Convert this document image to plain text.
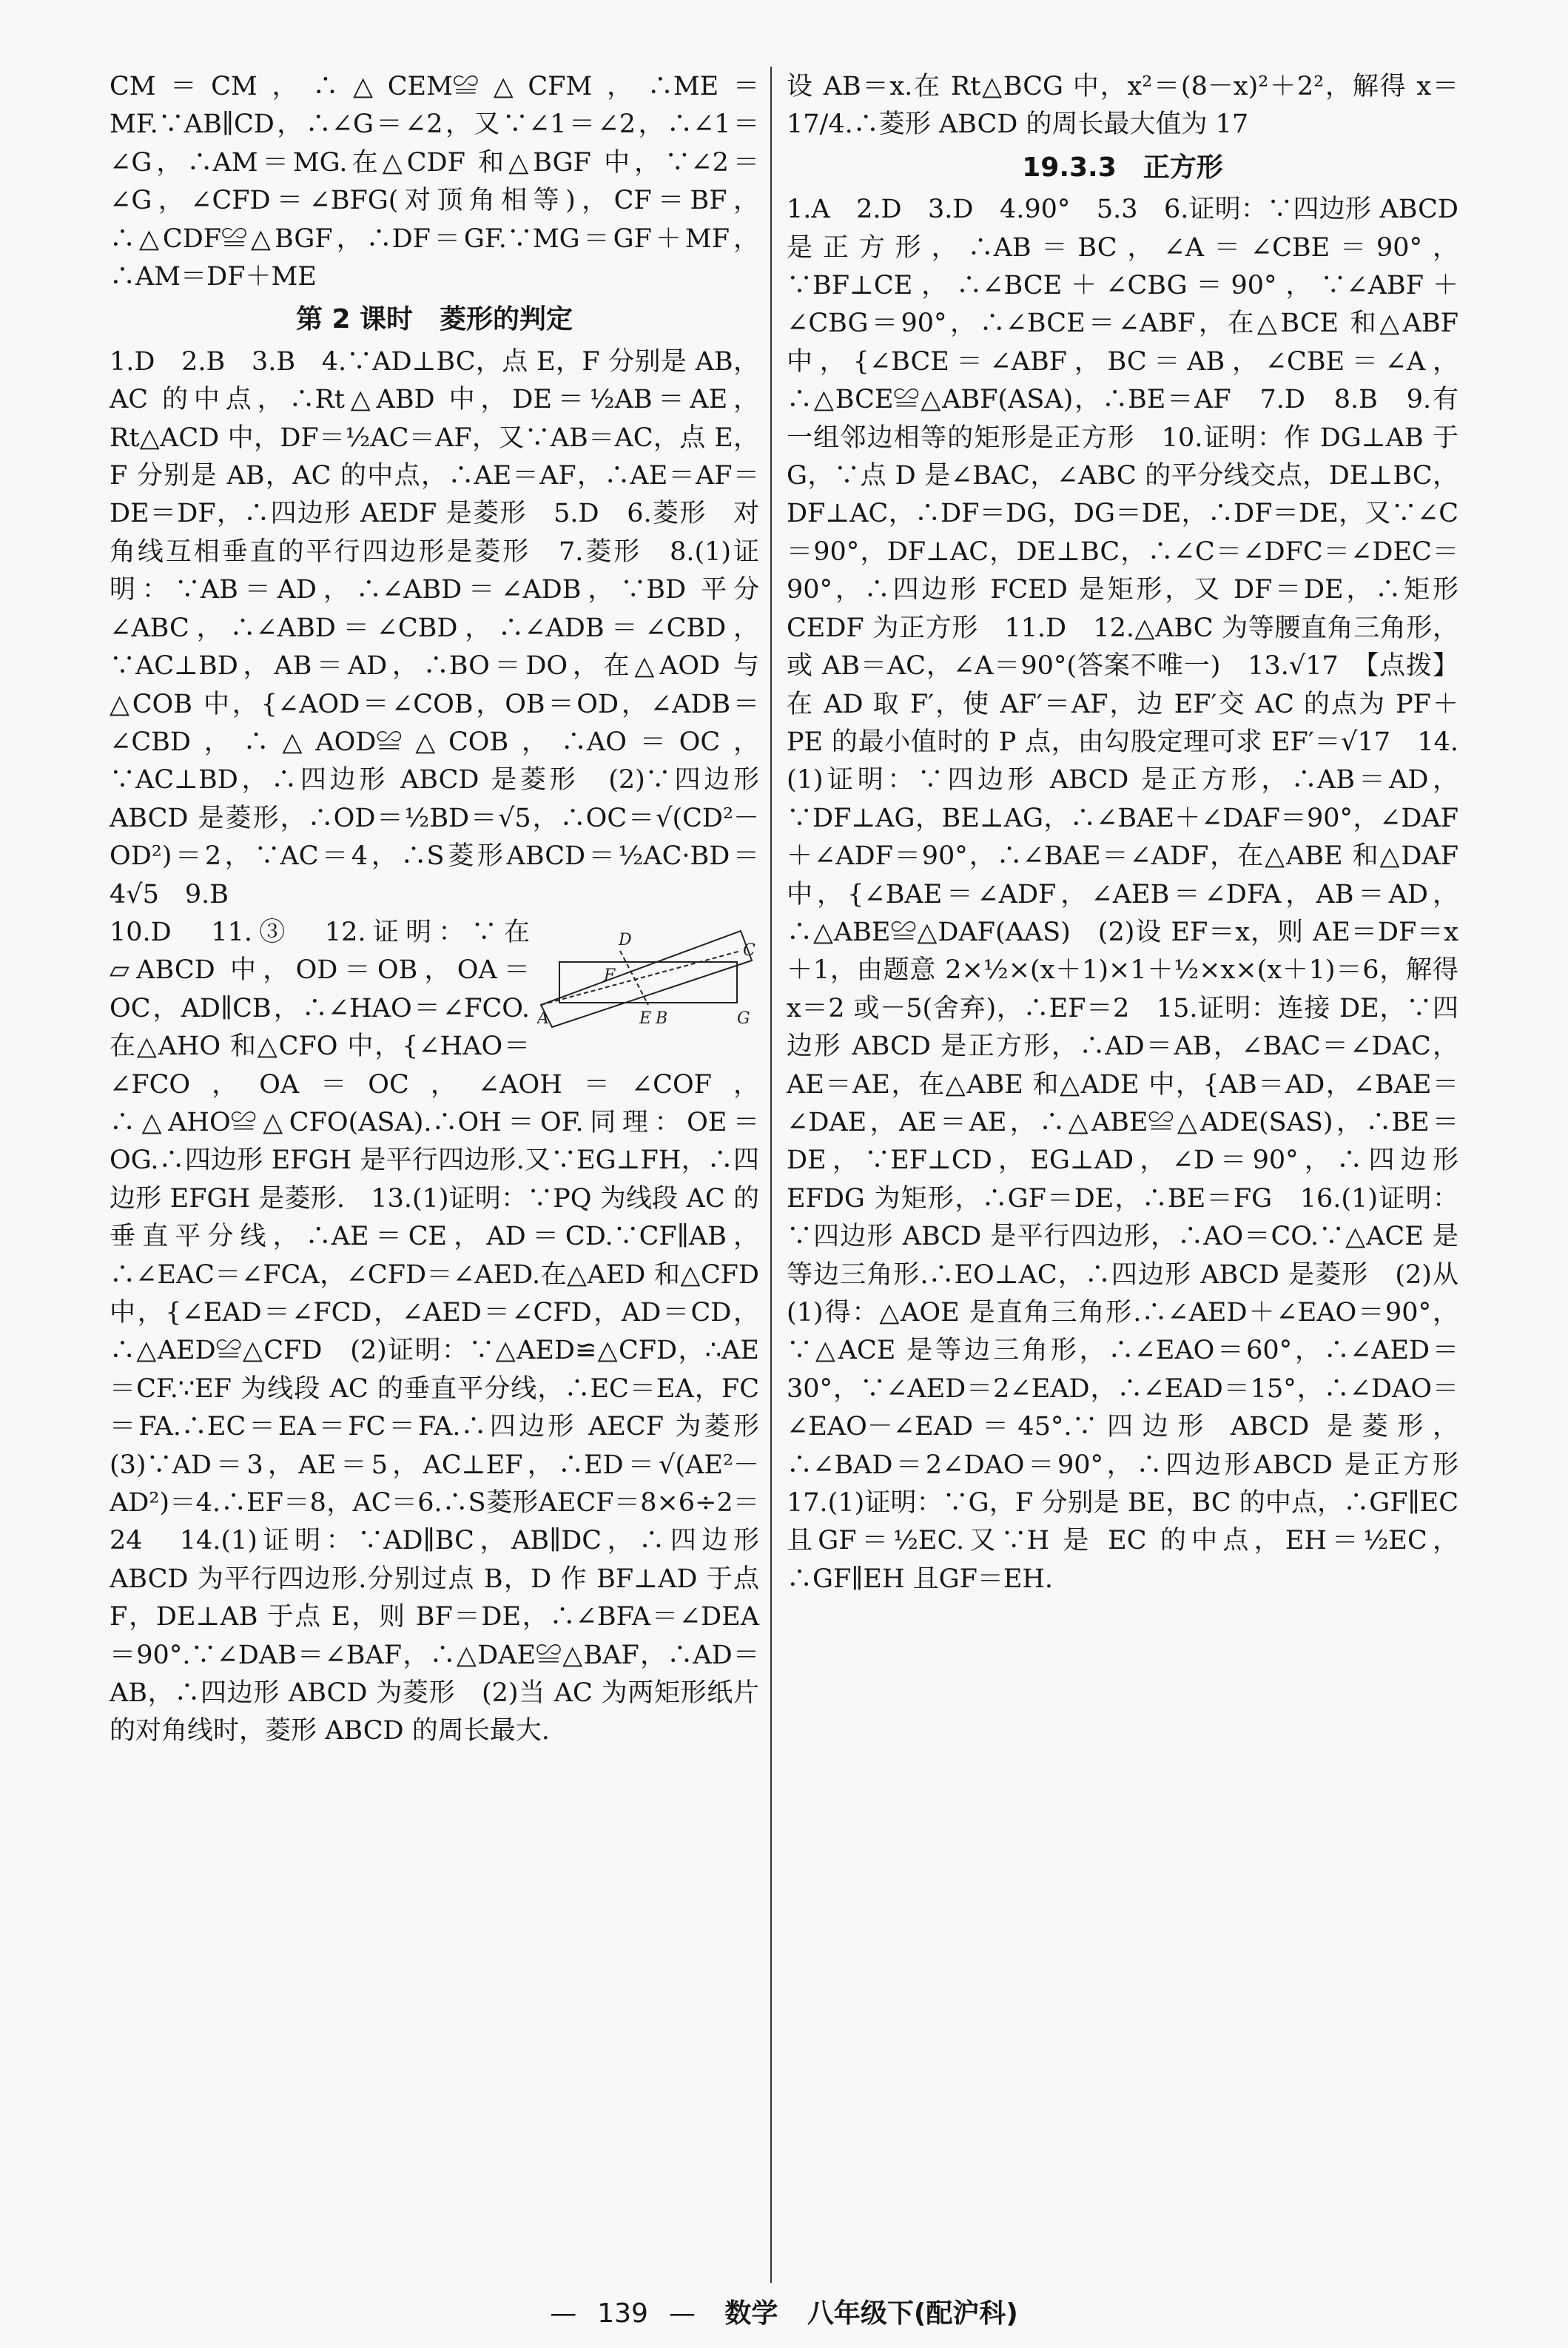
CM＝CM，∴△CEM≌△CFM，∴ME＝MF.∵AB∥CD，∴∠G＝∠2，又∵∠1＝∠2，∴∠1＝∠G，∴AM＝MG.在△CDF 和△BGF 中，∵∠2＝∠G，∠CFD＝∠BFG(对顶角相等)，CF＝BF，∴△CDF≌△BGF，∴DF＝GF.∵MG＝GF＋MF，∴AM＝DF＋ME

第 2 课时　菱形的判定

1.D　2.B　3.B　4.∵AD⊥BC，点 E，F 分别是 AB，AC 的中点，∴Rt△ABD 中，DE＝½AB＝AE，Rt△ACD 中，DF＝½AC＝AF，又∵AB＝AC，点 E，F 分别是 AB，AC 的中点，∴AE＝AF，∴AE＝AF＝DE＝DF，∴四边形 AEDF 是菱形　5.D　6.菱形　对角线互相垂直的平行四边形是菱形　7.菱形　8.(1)证明：∵AB＝AD，∴∠ABD＝∠ADB，∵BD 平分∠ABC，∴∠ABD＝∠CBD，∴∠ADB＝∠CBD，∵AC⊥BD，AB＝AD，∴BO＝DO，在△AOD 与△COB 中，{∠AOD＝∠COB，OB＝OD，∠ADB＝∠CBD，∴△AOD≌△COB，∴AO＝OC，∵AC⊥BD，∴四边形 ABCD 是菱形　(2)∵四边形 ABCD 是菱形，∴OD＝½BD＝√5，∴OC＝√(CD²－OD²)＝2，∵AC＝4，∴S菱形ABCD＝½AC·BD＝4√5　9.B

D
C
F
E
A	B	G
10.D　11.③　12.证明：∵在▱ABCD 中，OD＝OB，OA＝OC，AD∥CB，∴∠HAO＝∠FCO.在△AHO 和△CFO 中，{∠HAO＝∠FCO，OA＝OC，∠AOH＝∠COF，∴△AHO≌△CFO(ASA).∴OH＝OF.同理：OE＝OG.∴四边形 EFGH 是平行四边形.又∵EG⊥FH，∴四边形 EFGH 是菱形.　13.(1)证明：∵PQ 为线段 AC 的垂直平分线，∴AE＝CE，AD＝CD.∵CF∥AB，∴∠EAC＝∠FCA，∠CFD＝∠AED.在△AED 和△CFD 中，{∠EAD＝∠FCD，∠AED＝∠CFD，AD＝CD，∴△AED≌△CFD　(2)证明：∵△AED≌△CFD，∴AE＝CF.∵EF 为线段 AC 的垂直平分线，∴EC＝EA，FC＝FA.∴EC＝EA＝FC＝FA.∴四边形 AECF 为菱形　(3)∵AD＝3，AE＝5，AC⊥EF，∴ED＝√(AE²－AD²)＝4.∴EF＝8，AC＝6.∴S菱形AECF＝8×6÷2＝24　14.(1)证明：∵AD∥BC，AB∥DC，∴四边形 ABCD 为平行四边形.分别过点 B，D 作 BF⊥AD 于点 F，DE⊥AB 于点 E，则 BF＝DE，∴∠BFA＝∠DEA＝90°.∵∠DAB＝∠BAF，∴△DAE≌△BAF，∴AD＝AB，∴四边形 ABCD 为菱形　(2)当 AC 为两矩形纸片的对角线时，菱形 ABCD 的周长最大.

设 AB＝x.在 Rt△BCG 中，x²＝(8－x)²＋2²，解得 x＝17/4.∴菱形 ABCD 的周长最大值为 17

19.3.3　正方形

1.A　2.D　3.D　4.90°　5.3　6.证明：∵四边形 ABCD 是正方形，∴AB＝BC，∠A＝∠CBE＝90°，∵BF⊥CE，∴∠BCE＋∠CBG＝90°，∵∠ABF＋∠CBG＝90°，∴∠BCE＝∠ABF，在△BCE 和△ABF 中，{∠BCE＝∠ABF，BC＝AB，∠CBE＝∠A，∴△BCE≌△ABF(ASA)，∴BE＝AF　7.D　8.B　9.有一组邻边相等的矩形是正方形　10.证明：作 DG⊥AB 于 G，∵点 D 是∠BAC，∠ABC 的平分线交点，DE⊥BC，DF⊥AC，∴DF＝DG，DG＝DE，∴DF＝DE，又∵∠C＝90°，DF⊥AC，DE⊥BC，∴∠C＝∠DFC＝∠DEC＝90°，∴四边形 FCED 是矩形，又 DF＝DE，∴矩形 CEDF 为正方形　11.D　12.△ABC 为等腰直角三角形，或 AB＝AC，∠A＝90°(答案不唯一)　13.√17　【点拨】在 AD 取 F′，使 AF′＝AF，边 EF′交 AC 的点为 PF＋PE 的最小值时的 P 点，由勾股定理可求 EF′＝√17　14.(1)证明：∵四边形 ABCD 是正方形，∴AB＝AD，∵DF⊥AG，BE⊥AG，∴∠BAE＋∠DAF＝90°，∠DAF＋∠ADF＝90°，∴∠BAE＝∠ADF，在△ABE 和△DAF 中，{∠BAE＝∠ADF，∠AEB＝∠DFA，AB＝AD，∴△ABE≌△DAF(AAS)　(2)设 EF＝x，则 AE＝DF＝x＋1，由题意 2×½×(x＋1)×1＋½×x×(x＋1)＝6，解得 x＝2 或－5(舍弃)，∴EF＝2　15.证明：连接 DE，∵四边形 ABCD 是正方形，∴AD＝AB，∠BAC＝∠DAC，AE＝AE，在△ABE 和△ADE 中，{AB＝AD，∠BAE＝∠DAE，AE＝AE，∴△ABE≌△ADE(SAS)，∴BE＝DE，∵EF⊥CD，EG⊥AD，∠D＝90°，∴四边形 EFDG 为矩形，∴GF＝DE，∴BE＝FG　16.(1)证明：∵四边形 ABCD 是平行四边形，∴AO＝CO.∵△ACE 是等边三角形.∴EO⊥AC，∴四边形 ABCD 是菱形　(2)从(1)得：△AOE 是直角三角形.∴∠AED＋∠EAO＝90°，∵△ACE 是等边三角形，∴∠EAO＝60°，∴∠AED＝30°，∵∠AED＝2∠EAD，∴∠EAD＝15°，∴∠DAO＝∠EAO－∠EAD＝45°.∵四边形 ABCD 是菱形，∴∠BAD＝2∠DAO＝90°，∴四边形ABCD 是正方形　17.(1)证明：∵G，F 分别是 BE，BC 的中点，∴GF∥EC 且GF＝½EC.又∵H 是 EC 的中点，EH＝½EC，∴GF∥EH 且GF＝EH.

— 139 — 数学 八年级下(配沪科)
